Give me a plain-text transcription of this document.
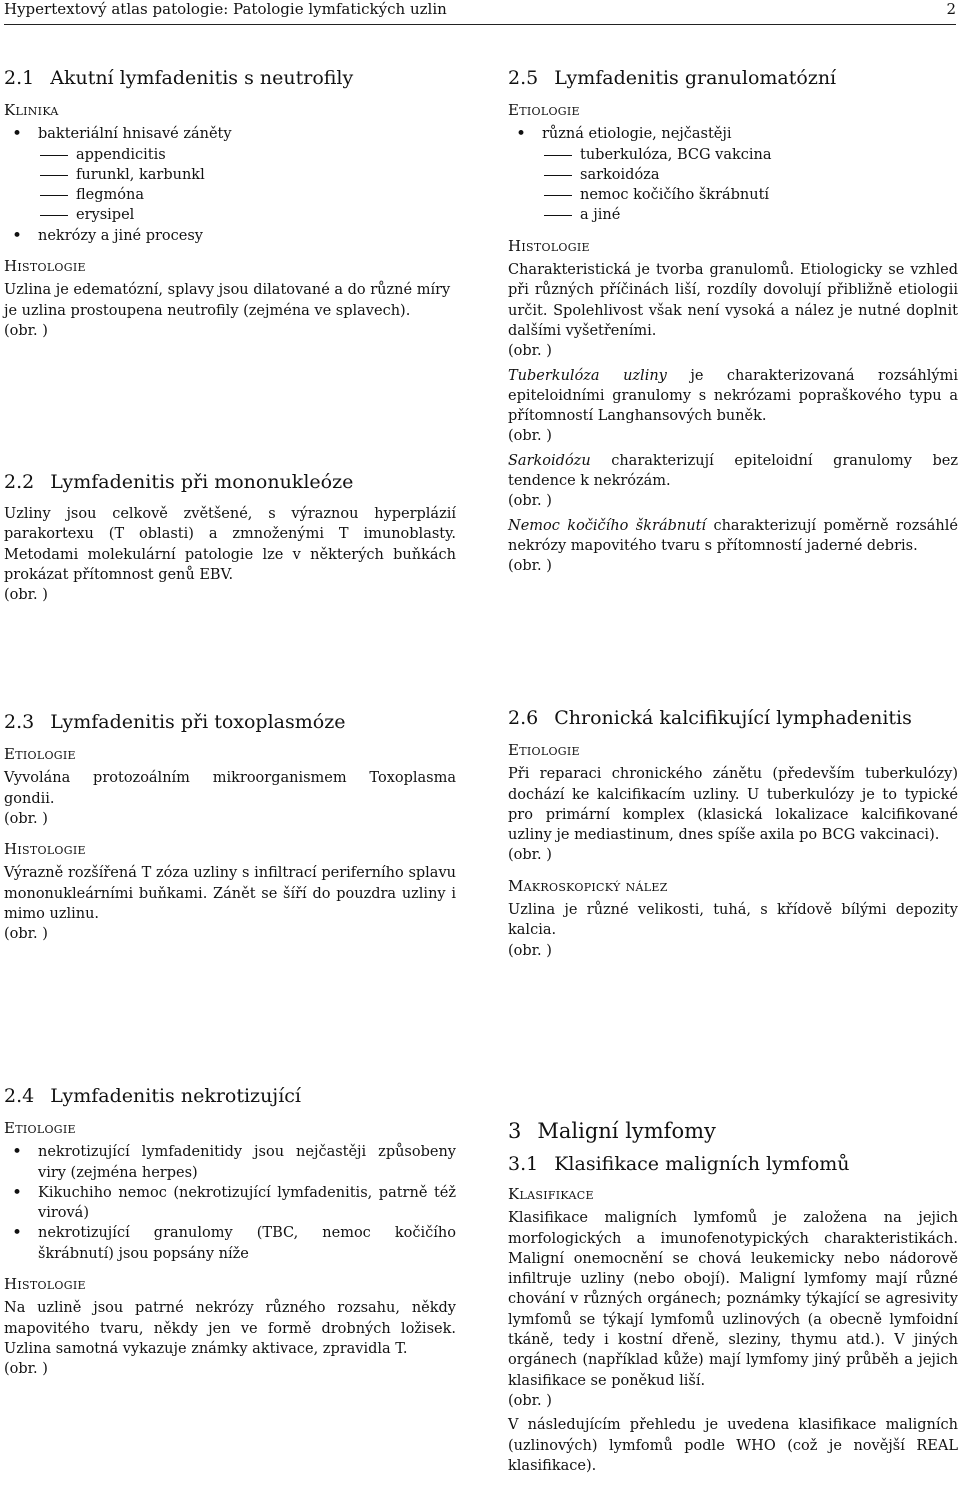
Hypertextový atlas patologie: Patologie lymfatických uzlin	2
2.1 Akutní lymfadenitis s neutrofily
Klinika
• bakteriální hnisavé záněty
appendicitis
furunkl, karbunkl
flegmóna
erysipel
• nekrózy a jiné procesy
Histologie

Uzlina je edematózní, splavy jsou dilatované a do různé míry je uzlina prostoupena neutrofily (zejména ve splavech).

(obr. )

2.2 Lymfadenitis při mononukleóze

Uzliny jsou celkově zvětšené, s výraznou hyperplázií parakortexu (T oblasti) a zmnoženými T imunoblasty. Metodami molekulární patologie lze v některých buňkách prokázat přítomnost genů EBV.

(obr. )

2.5 Lymfadenitis granulomatózní
Etiologie
• různá etiologie, nejčastěji
tuberkulóza, BCG vakcina
sarkoidóza
nemoc kočičího škrábnutí
a jiné
Histologie

Charakteristická je tvorba granulomů. Etiologicky se vzhled při různých příčinách liší, rozdíly dovolují přibližně etiologii určit. Spolehlivost však není vysoká a nález je nutné doplnit dalšími vyšetřeními.

(obr. )

Tuberkulóza uzliny je charakterizovaná rozsáhlými epiteloidními granulomy s nekrózami popraškového typu a přítomností Langhansových buněk.

(obr. )

Sarkoidózu charakterizují epiteloidní granulomy bez tendence k nekrózám.

(obr. )

Nemoc kočičího škrábnutí charakterizují poměrně rozsáhlé nekrózy mapovitého tvaru s přítomností jaderné debris.

(obr. )

2.3 Lymfadenitis při toxoplasmóze
Etiologie

Vyvolána protozoálním mikroorganismem Toxoplasma gondii.

(obr. )

Histologie

Výrazně rozšířená T zóza uzliny s infiltrací periferního splavu mononukleárními buňkami. Zánět se šíří do pouzdra uzliny i mimo uzlinu.

(obr. )

2.6 Chronická kalcifikující lymphadenitis
Etiologie

Při reparaci chronického zánětu (především tuberkulózy) dochází ke kalcifikacím uzliny. U tuberkulózy je to typické pro primární komplex (klasická lokalizace kalcifikované uzliny je mediastinum, dnes spíše axila po BCG vakcinaci).

(obr. )

Makroskopický nález

Uzlina je různé velikosti, tuhá, s křídově bílými depozity kalcia.

(obr. )

2.4 Lymfadenitis nekrotizující
Etiologie
• nekrotizující lymfadenitidy jsou nejčastěji způsobeny viry (zejména herpes)
• Kikuchiho nemoc (nekrotizující lymfadenitis, patrně též virová)
• nekrotizující granulomy (TBC, nemoc kočičího škrábnutí) jsou popsány níže
Histologie

Na uzlině jsou patrné nekrózy různého rozsahu, někdy mapovitého tvaru, někdy jen ve formě drobných ložisek. Uzlina samotná vykazuje známky aktivace, zpravidla T.

(obr. )

3 Maligní lymfomy
3.1 Klasifikace maligních lymfomů
Klasifikace

Klasifikace maligních lymfomů je založena na jejich morfologických a imunofenotypických charakteristikách. Maligní onemocnění se chová leukemicky nebo nádorově infiltruje uzliny (nebo obojí). Maligní lymfomy mají různé chování v různých orgánech; poznámky týkající se agresivity lymfomů se týkají lymfomů uzlinových (a obecně lymfoidní tkáně, tedy i kostní dřeně, sleziny, thymu atd.). V jiných orgánech (například kůže) mají lymfomy jiný průběh a jejich klasifikace se poněkud liší.

(obr. )

V následujícím přehledu je uvedena klasifikace maligních (uzlinových) lymfomů podle WHO (což je novější REAL klasifikace).
